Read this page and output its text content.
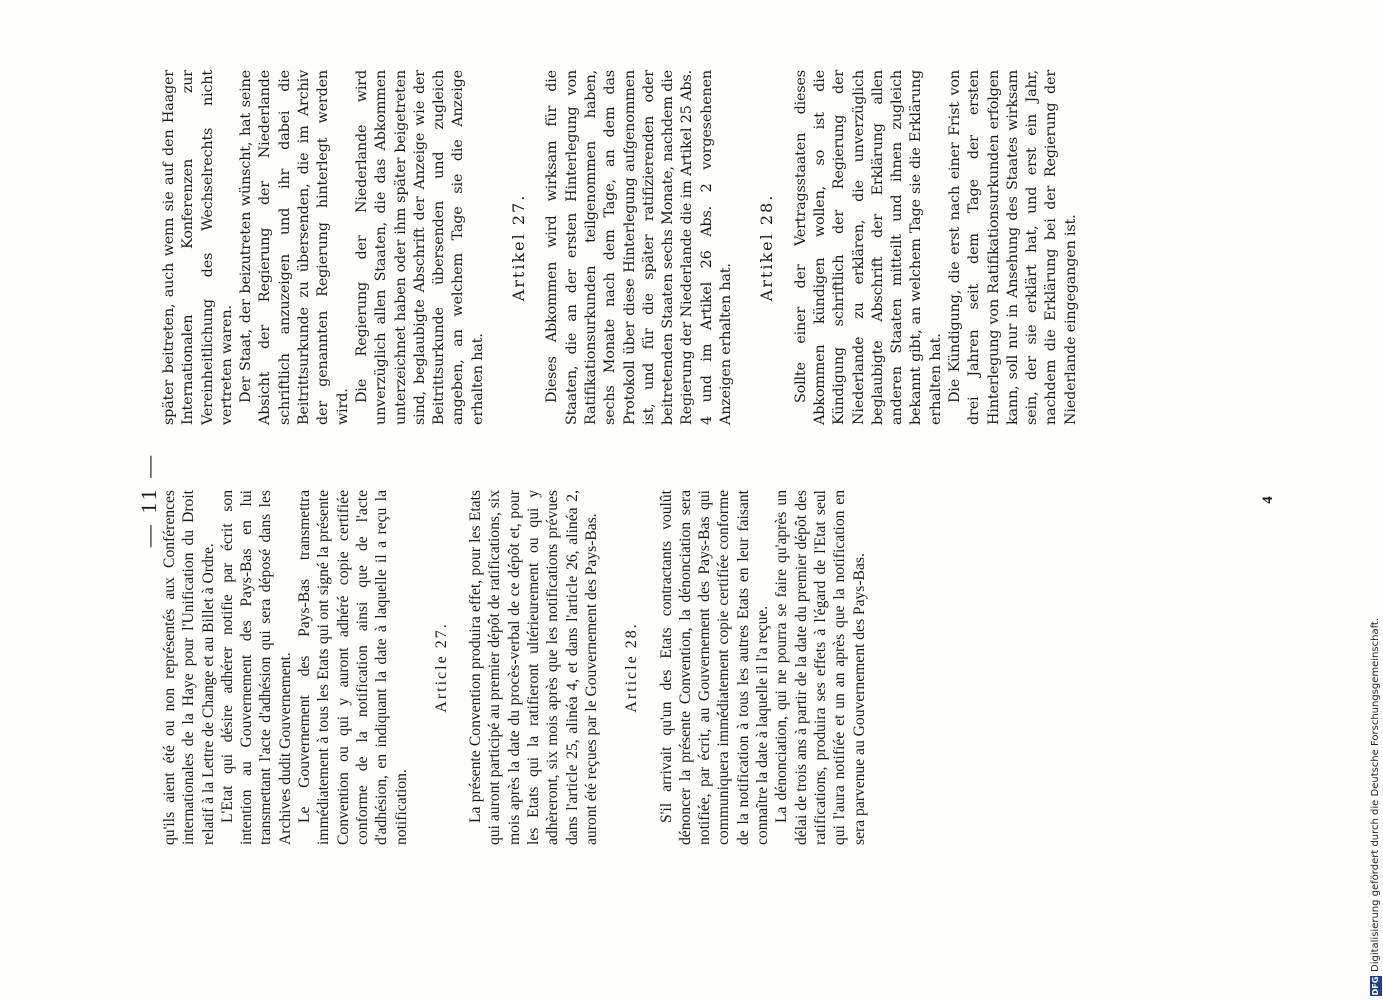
— 11 — qu'ils aient été ou non représentés aux Conférences internationales de la Haye pour l'Unification du Droit relatif à la Lettre de Change et au Billet à Ordre. L'Etat qui désire adhérer notifie par écrit son intention au Gouvernement des Pays-Bas en lui transmettant l'acte d'adhésion qui sera déposé dans les Archives dudit Gouvernement. Le Gouvernement des Pays-Bas transmettra immédiatement à tous les Etats qui ont signé la présente Convention ou qui y auront adhéré copie certifiée conforme de la notification ainsi que de l'acte d'adhésion, en indiquant la date à laquelle il a reçu la notification.

Article 27. La présente Convention produira effet, pour les Etats qui auront participé au premier dépôt de ratifications, six mois après la date du procès-verbal de ce dépôt et, pour les Etats qui la ratifieront ultérieurement ou qui y adhèreront, six mois après que les notifications prévues dans l'article 25, alinéa 4, et dans l'article 26, alinéa 2, auront été reçues par le Gouvernement des Pays-Bas. Article 28. S'il arrivait qu'un des Etats contractants voulût dénoncer la présente Convention, la dénonciation sera notifiée, par écrit, au Gouvernement des Pays-Bas qui communiquera immédiatement copie certifiée conforme de la notification à tous les autres Etats en leur faisant connaître la date à laquelle il l'a reçue. La dénonciation, qui ne pourra se faire qu'après un délai de trois ans à partir de la date du premier dépôt des ratifications, produira ses effets à l'égard de l'Etat seul qui l'aura notifiée et un an après que la notification en sera parvenue au Gouvernement des Pays-Bas.

später beitreten, auch wenn sie auf den Haager Internationalen Konferenzen zur Vereinheitlichung des Wechselrechts nicht vertreten waren. Der Staat, der beizutreten wünscht, hat seine Absicht der Regierung der Niederlande schriftlich anzuzeigen und ihr dabei die Beitrittsurkunde zu übersenden, die im Archiv der genannten Regierung hinterlegt werden wird.

Die Regierung der Niederlande wird unverzüglich allen Staaten, die das Abkommen unterzeichnet haben oder ihm später beigetreten sind, beglaubigte Abschrift der Anzeige wie der Beitrittsurkunde übersenden und zugleich angeben, an welchem Tage sie die Anzeige erhalten hat.

Artikel 27. Dieses Abkommen wird wirksam für die Staaten, die an der ersten Hinterlegung von Ratifikationsurkunden teilgenommen haben, sechs Monate nach dem Tage, an dem das Protokoll über diese Hinterlegung aufgenommen ist, und für die später ratifizierenden oder beitretenden Staaten sechs Monate, nachdem die Regierung der Niederlande die im Artikel 25 Abs. 4 und im Artikel 26 Abs. 2 vorgesehenen Anzeigen erhalten hat.

Artikel 28. Sollte einer der Vertragsstaaten dieses Abkommen kündigen wollen, so ist die Kündigung schriftlich der Regierung der Niederlande zu erklären, die unverzüglich beglaubigte Abschrift der Erklärung allen anderen Staaten mitteilt und ihnen zugleich bekannt gibt, an welchem Tage sie die Erklärung erhalten hat. Die Kündigung, die erst nach einer Frist von drei Jahren seit dem Tage der ersten Hinterlegung von Ratifikationsurkunden erfolgen kann, soll nur in Ansehung des Staates wirksam sein, der sie erklärt hat, und erst ein Jahr, nachdem die Erklärung bei der Regierung der Niederlande eingegangen ist.

4
DFG
Digitalisierung gefördert durch die Deutsche Forschungsgemeinschaft.
